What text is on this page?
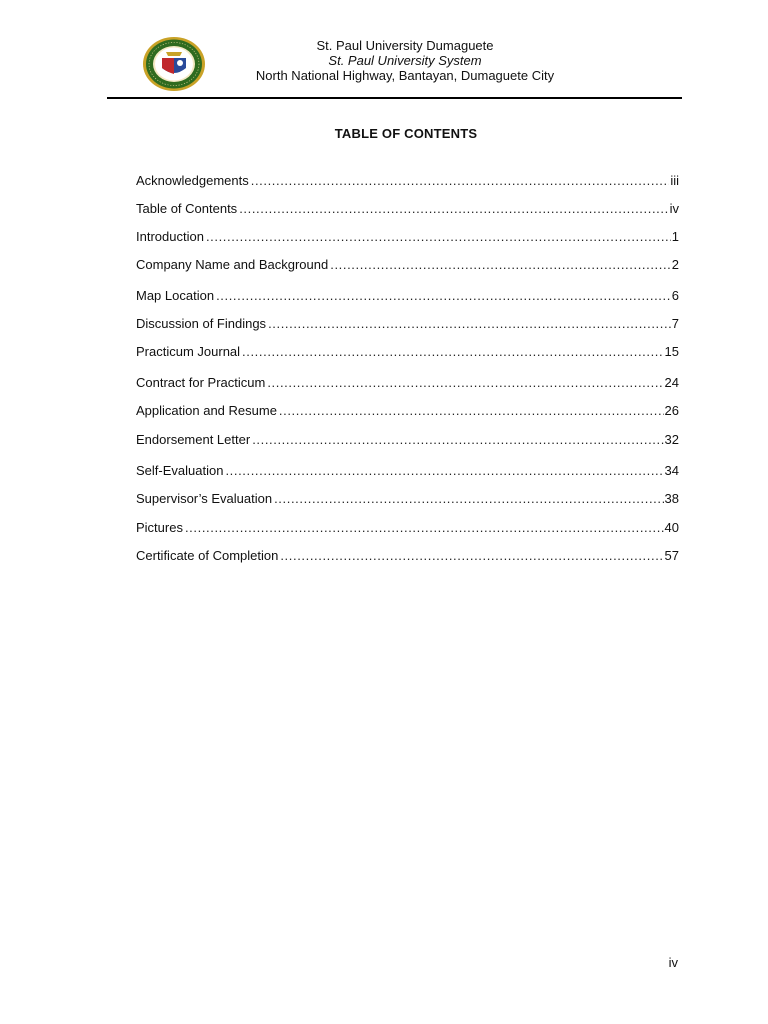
St. Paul University Dumaguete
St. Paul University System
North National Highway, Bantayan, Dumaguete City
TABLE OF CONTENTS
Acknowledgements .....	iii
Table of Contents .....	iv
Introduction .....	1
Company Name and Background .....	2
Map Location .....	6
Discussion of Findings .....	7
Practicum Journal .....	15
Contract for Practicum .....	24
Application and Resume .....	26
Endorsement Letter .....	32
Self-Evaluation .....	34
Supervisor’s Evaluation .....	38
Pictures .....	40
Certificate of Completion .....	57
iv
